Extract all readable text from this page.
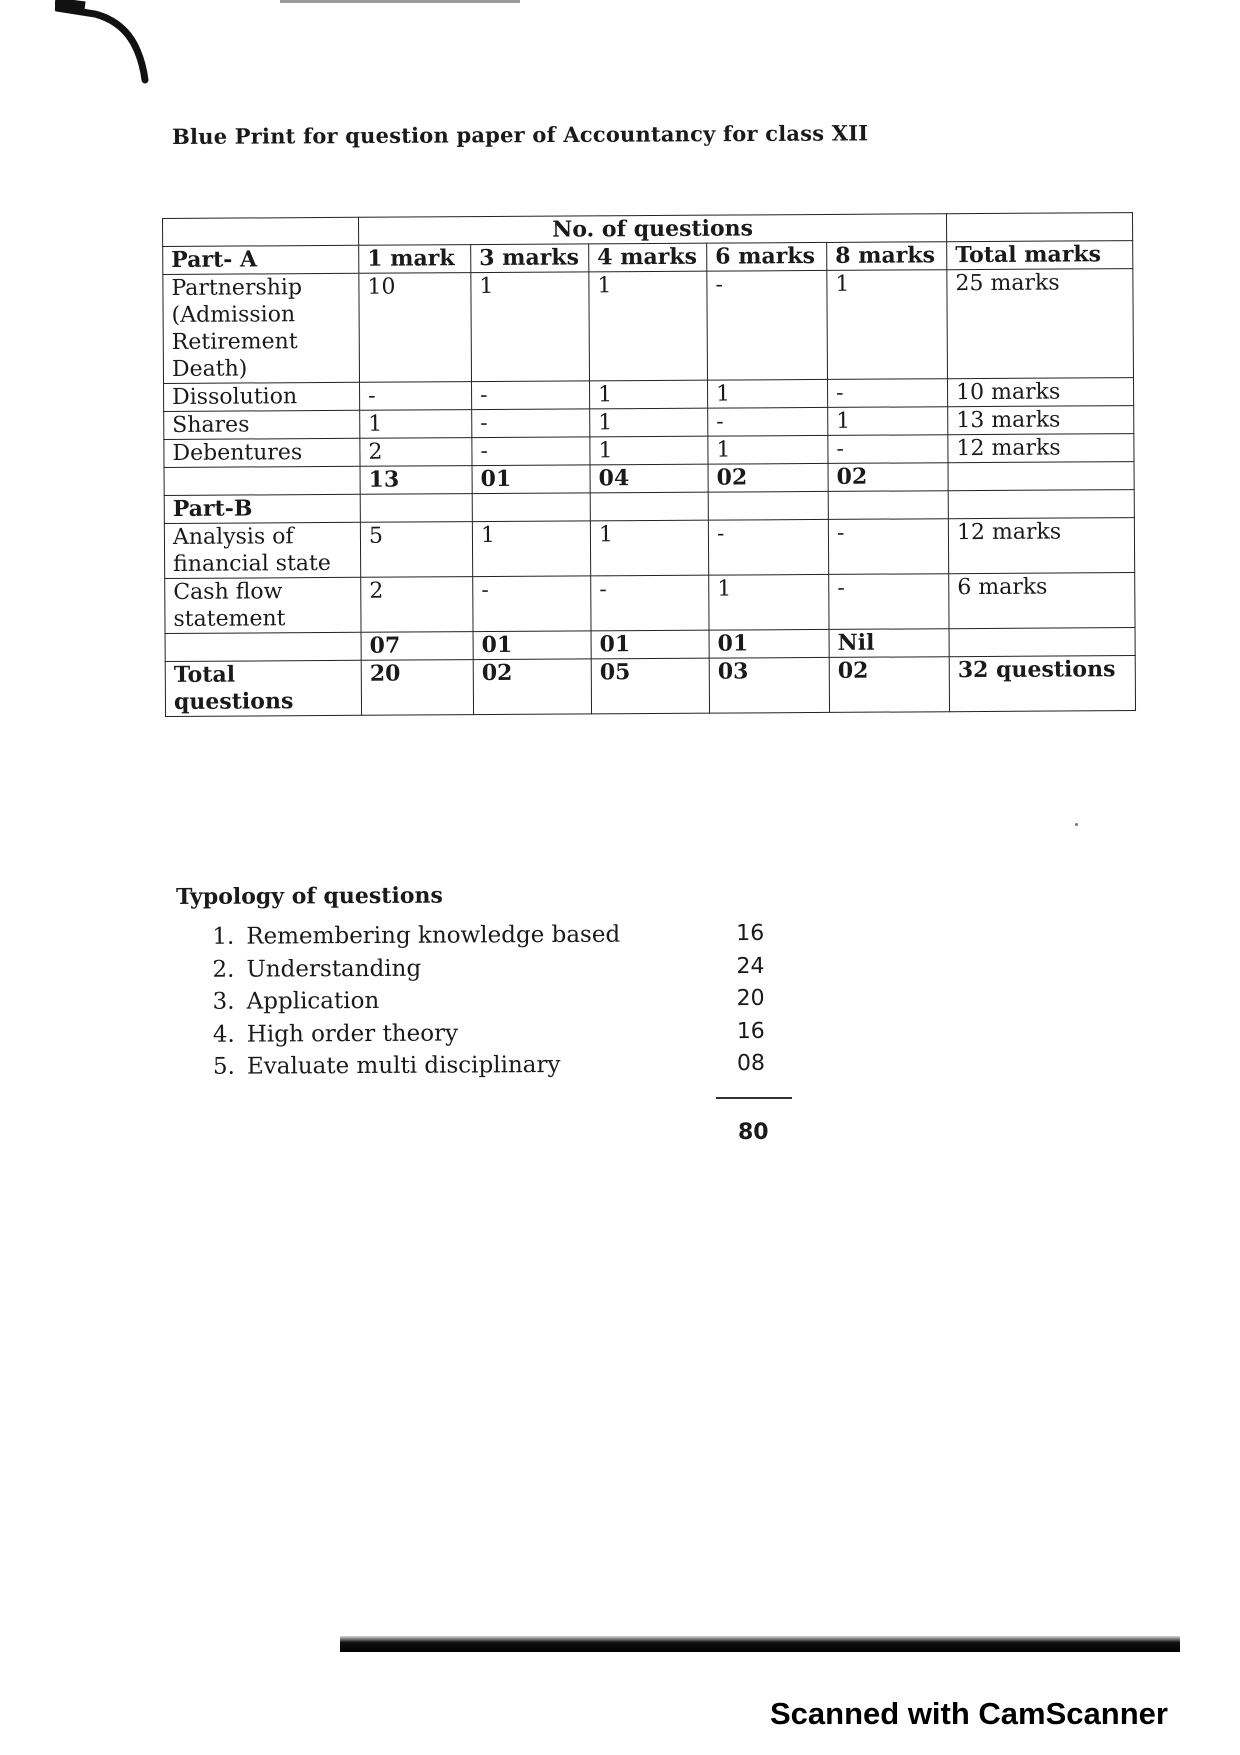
Blue Print for question paper of Accountancy for class XII
	No. of questions					
Part- A	1 mark	3 marks	4 marks	6 marks	8 marks	Total marks
Partnership (Admission Retirement Death)	10	1	1	-	1	25 marks
Dissolution	-	-	1	1	-	10 marks
Shares	1	-	1	-	1	13 marks
Debentures	2	-	1	1	-	12 marks
	13	01	04	02	02	
Part-B						
Analysis of financial state	5	1	1	-	-	12 marks
Cash flow statement	2	-	-	1	-	6 marks
	07	01	01	01	Nil	
Total questions	20	02	05	03	02	32 questions
Typology of questions
1. Remembering knowledge based	16
2. Understanding	24
3. Application	20
4. High order theory	16
5. Evaluate multi disciplinary	08
80
Scanned with CamScanner
